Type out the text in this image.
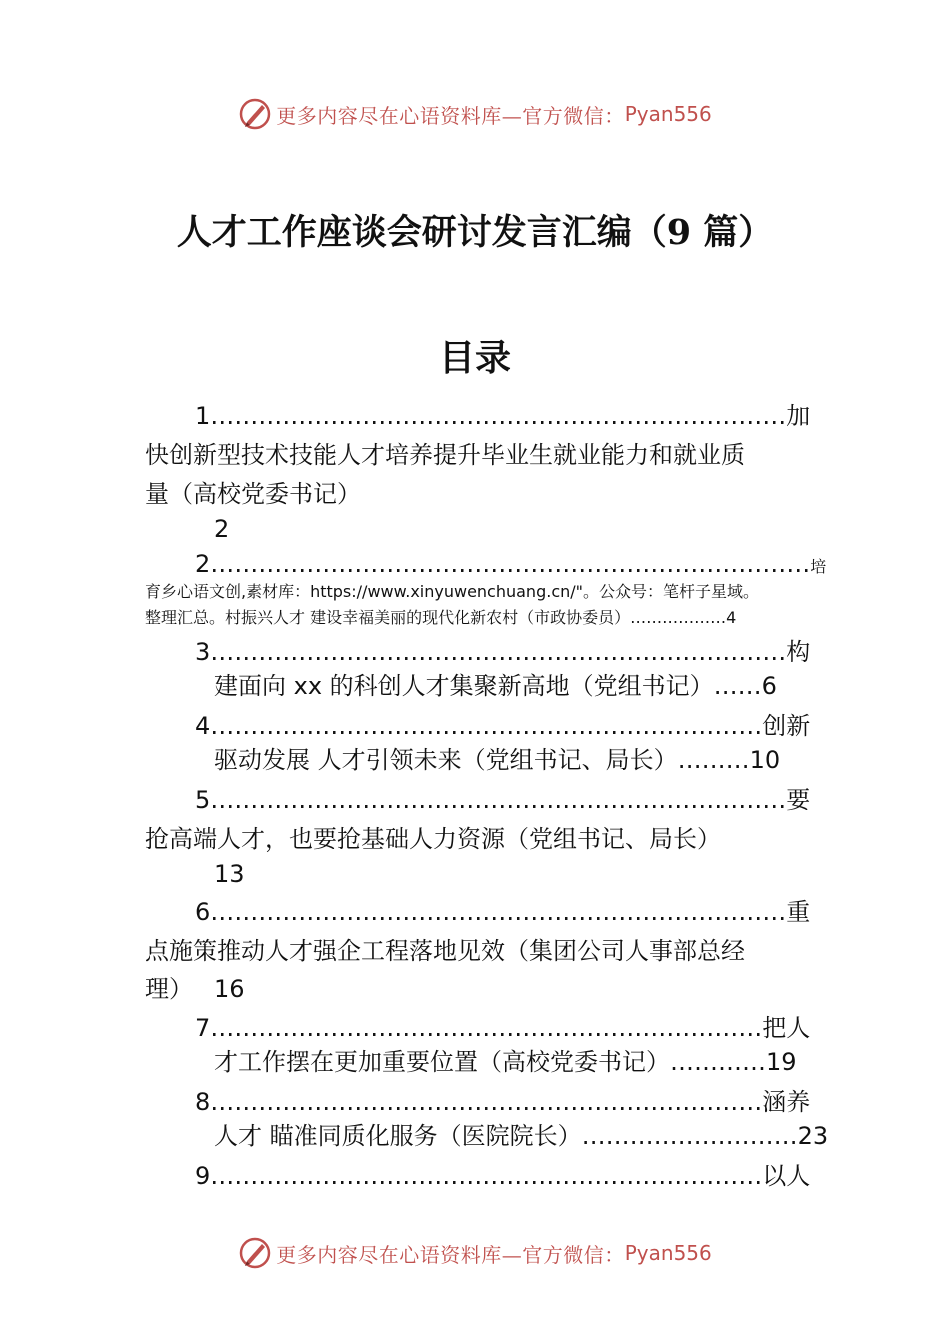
更多内容尽在心语资料库—官方微信： Pyan556
人才工作座谈会研讨发言汇编（9 篇）
目录
1………………………………………………………………加
快创新型技术技能人才培养提升毕业生就业能力和就业质
量（高校党委书记）
2
2…………………………………………………………………培
育乡心语文创,素材库：https://www.xinyuwenchuang.cn/"。公众号：笔杆子星域。
整理汇总。村振兴人才 建设幸福美丽的现代化新农村（市政协委员）………………4
3………………………………………………………………构
建面向 xx 的科创人才集聚新高地（党组书记）……6
4……………………………………………………………创新
驱动发展 人才引领未来（党组书记、局长）………10
5………………………………………………………………要
抢高端人才，也要抢基础人力资源（党组书记、局长）
13
6………………………………………………………………重
点施策推动人才强企工程落地见效（集团公司人事部总经
理） 16
7……………………………………………………………把人
才工作摆在更加重要位置（高校党委书记）…………19
8……………………………………………………………涵养
人才 瞄准同质化服务（医院院长）………………………23
9……………………………………………………………以人
更多内容尽在心语资料库—官方微信： Pyan556
